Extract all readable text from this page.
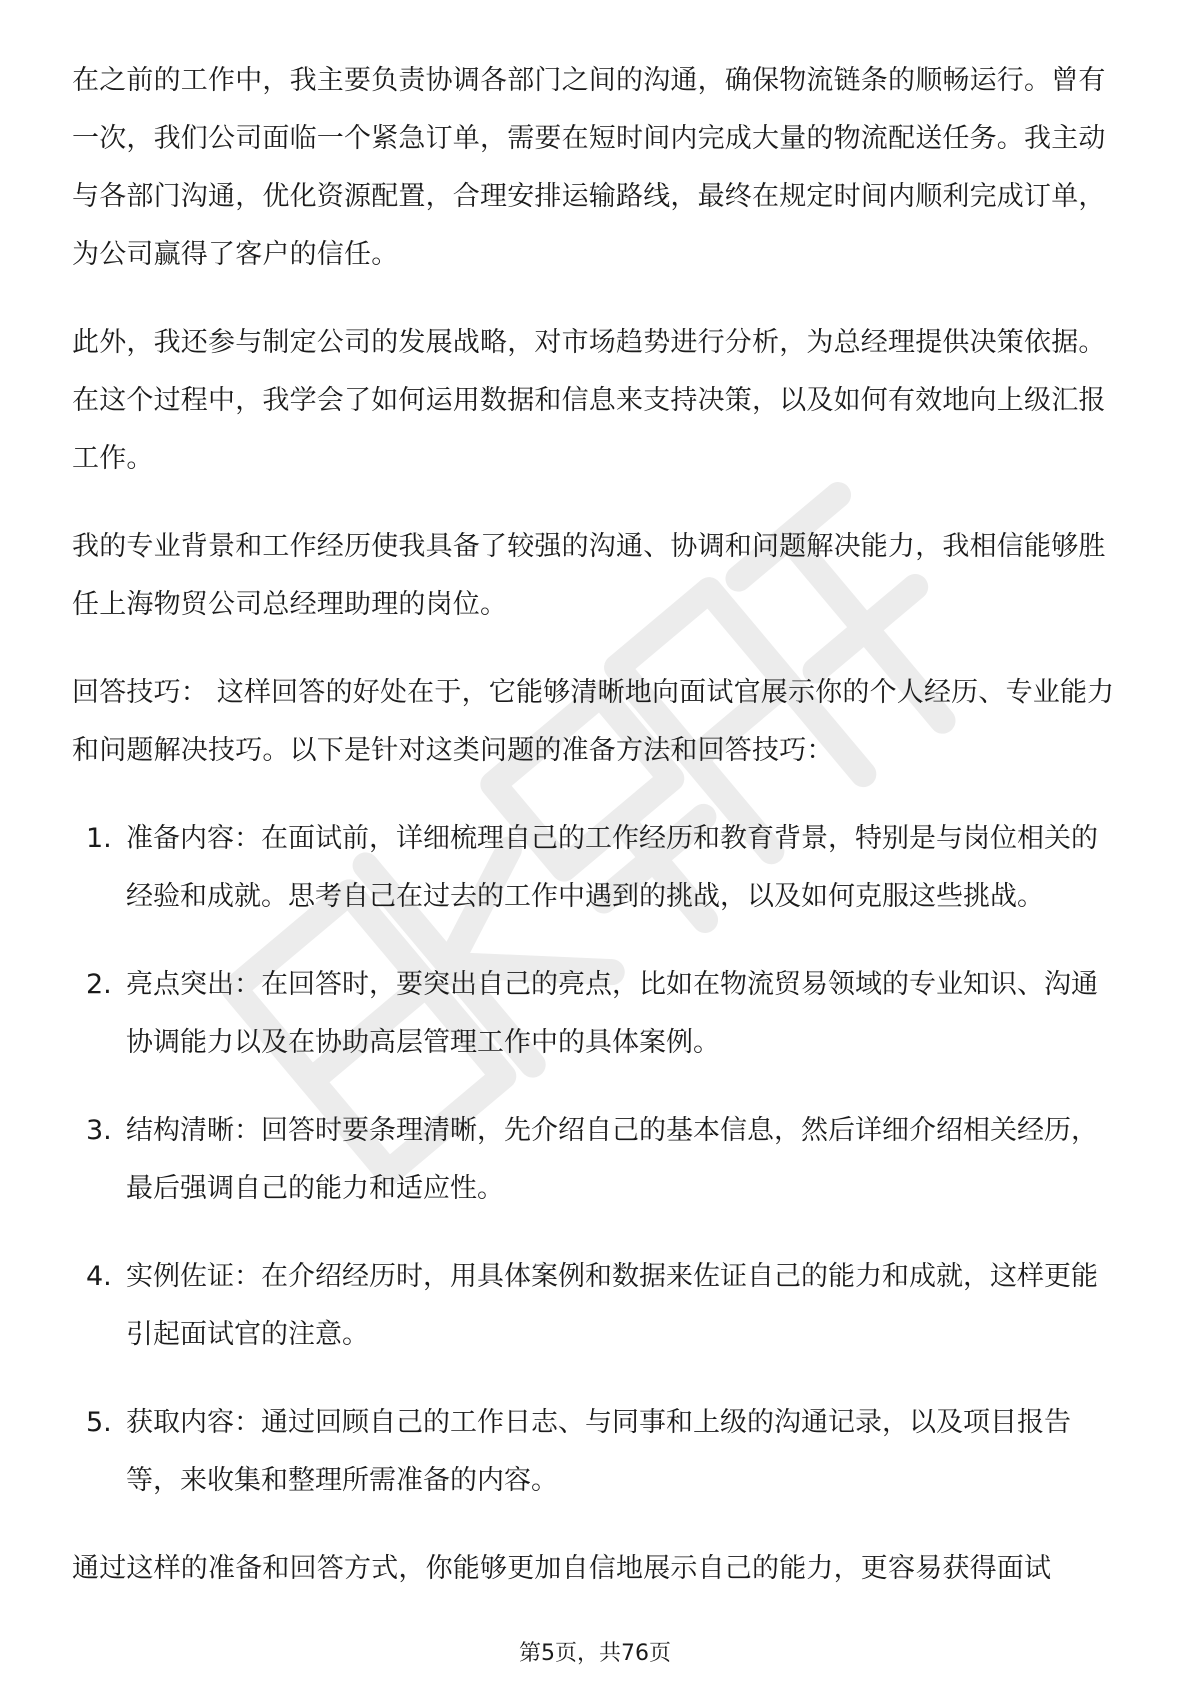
在之前的工作中，我主要负责协调各部门之间的沟通，确保物流链条的顺畅运行。曾有一次，我们公司面临一个紧急订单，需要在短时间内完成大量的物流配送任务。我主动与各部门沟通，优化资源配置，合理安排运输路线，最终在规定时间内顺利完成订单，为公司赢得了客户的信任。

此外，我还参与制定公司的发展战略，对市场趋势进行分析，为总经理提供决策依据。在这个过程中，我学会了如何运用数据和信息来支持决策，以及如何有效地向上级汇报工作。

我的专业背景和工作经历使我具备了较强的沟通、协调和问题解决能力，我相信能够胜任上海物贸公司总经理助理的岗位。

回答技巧： 这样回答的好处在于，它能够清晰地向面试官展示你的个人经历、专业能力和问题解决技巧。以下是针对这类问题的准备方法和回答技巧：

1. 准备内容：在面试前，详细梳理自己的工作经历和教育背景，特别是与岗位相关的经验和成就。思考自己在过去的工作中遇到的挑战，以及如何克服这些挑战。
2. 亮点突出：在回答时，要突出自己的亮点，比如在物流贸易领域的专业知识、沟通协调能力以及在协助高层管理工作中的具体案例。
3. 结构清晰：回答时要条理清晰，先介绍自己的基本信息，然后详细介绍相关经历，最后强调自己的能力和适应性。
4. 实例佐证：在介绍经历时，用具体案例和数据来佐证自己的能力和成就，这样更能引起面试官的注意。
5. 获取内容：通过回顾自己的工作日志、与同事和上级的沟通记录，以及项目报告等，来收集和整理所需准备的内容。

通过这样的准备和回答方式，你能够更加自信地展示自己的能力，更容易获得面试

第5页，共76页
